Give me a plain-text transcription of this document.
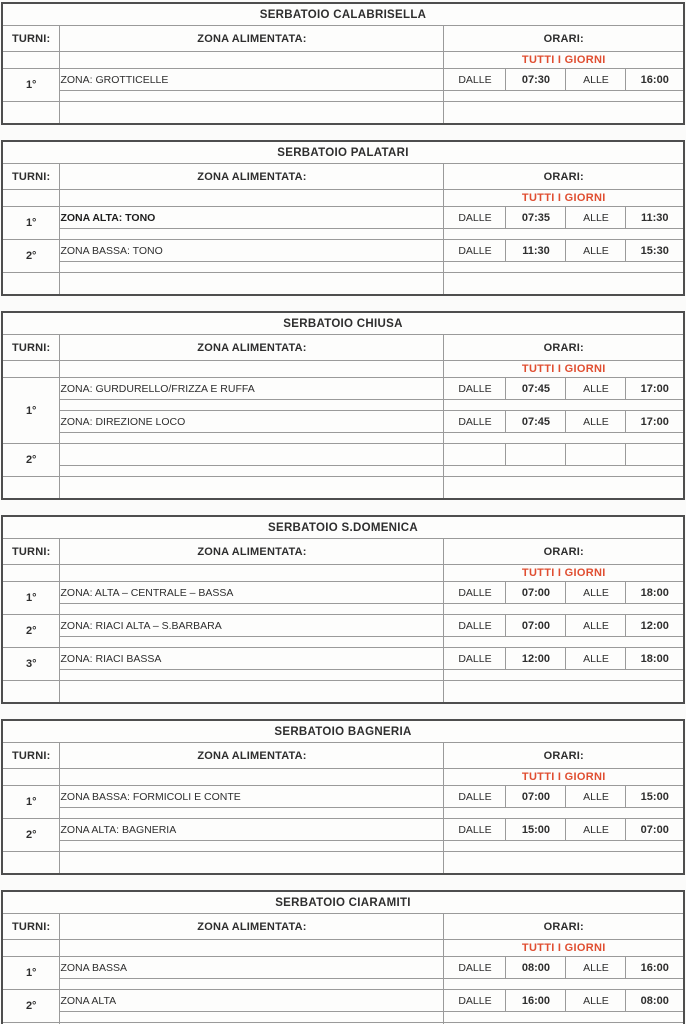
SERBATOIO CALABRISELLA					
TURNI:	ZONA ALIMENTATA:	ORARI:			
		TUTTI I GIORNI			
1°	ZONA: GROTTICELLE	DALLE	07:30	ALLE	16:00

SERBATOIO PALATARI					
TURNI:	ZONA ALIMENTATA:	ORARI:			
		TUTTI I GIORNI			
1°	ZONA ALTA: TONO	DALLE	07:35	ALLE	11:30

2°	ZONA BASSA: TONO	DALLE	11:30	ALLE	15:30

SERBATOIO CHIUSA					
TURNI:	ZONA ALIMENTATA:	ORARI:			
		TUTTI I GIORNI			
1°	ZONA: GURDURELLO/FRIZZA E RUFFA	DALLE	07:45	ALLE	17:00

	ZONA: DIREZIONE LOCO	DALLE	07:45	ALLE	17:00

2°					

SERBATOIO S.DOMENICA					
TURNI:	ZONA ALIMENTATA:	ORARI:			
		TUTTI I GIORNI			
1°	ZONA: ALTA – CENTRALE – BASSA	DALLE	07:00	ALLE	18:00

2°	ZONA: RIACI ALTA – S.BARBARA	DALLE	07:00	ALLE	12:00

3°	ZONA: RIACI BASSA	DALLE	12:00	ALLE	18:00

SERBATOIO BAGNERIA					
TURNI:	ZONA ALIMENTATA:	ORARI:			
		TUTTI I GIORNI			
1°	ZONA BASSA: FORMICOLI E CONTE	DALLE	07:00	ALLE	15:00

2°	ZONA ALTA: BAGNERIA	DALLE	15:00	ALLE	07:00

SERBATOIO CIARAMITI					
TURNI:	ZONA ALIMENTATA:	ORARI:			
		TUTTI I GIORNI			
1°	ZONA BASSA	DALLE	08:00	ALLE	16:00

2°	ZONA ALTA	DALLE	16:00	ALLE	08:00
